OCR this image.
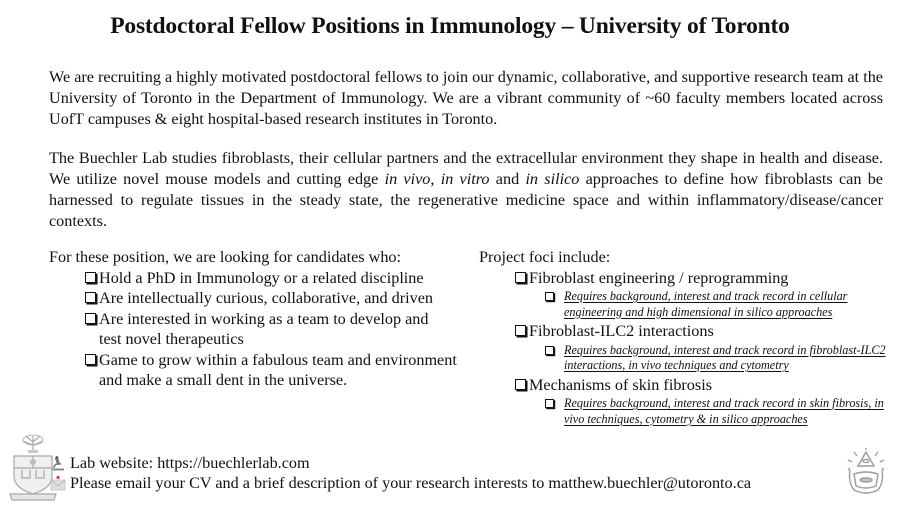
Postdoctoral Fellow Positions in Immunology – University of Toronto
We are recruiting a highly motivated postdoctoral fellows to join our dynamic, collaborative, and supportive research team at the University of Toronto in the Department of Immunology. We are a vibrant community of ~60 faculty members located across UofT campuses & eight hospital-based research institutes in Toronto.
The Buechler Lab studies fibroblasts, their cellular partners and the extracellular environment they shape in health and disease. We utilize novel mouse models and cutting edge in vivo, in vitro and in silico approaches to define how fibroblasts can be harnessed to regulate tissues in the steady state, the regenerative medicine space and within inflammatory/disease/cancer contexts.
For these position, we are looking for candidates who:
Hold a PhD in Immunology or a related discipline
Are intellectually curious, collaborative, and driven
Are interested in working as a team to develop and test novel therapeutics
Game to grow within a fabulous team and environment and make a small dent in the universe.
Project foci include:
Fibroblast engineering / reprogramming
Requires background, interest and track record in cellular engineering and high dimensional in silico approaches
Fibroblast-ILC2 interactions
Requires background, interest and track record in fibroblast-ILC2 interactions, in vivo techniques and cytometry
Mechanisms of skin fibrosis
Requires background, interest and track record in skin fibrosis, in vivo techniques, cytometry & in silico approaches
Lab website: https://buechlerlab.com
Please email your CV and a brief description of your research interests to matthew.buechler@utoronto.ca
